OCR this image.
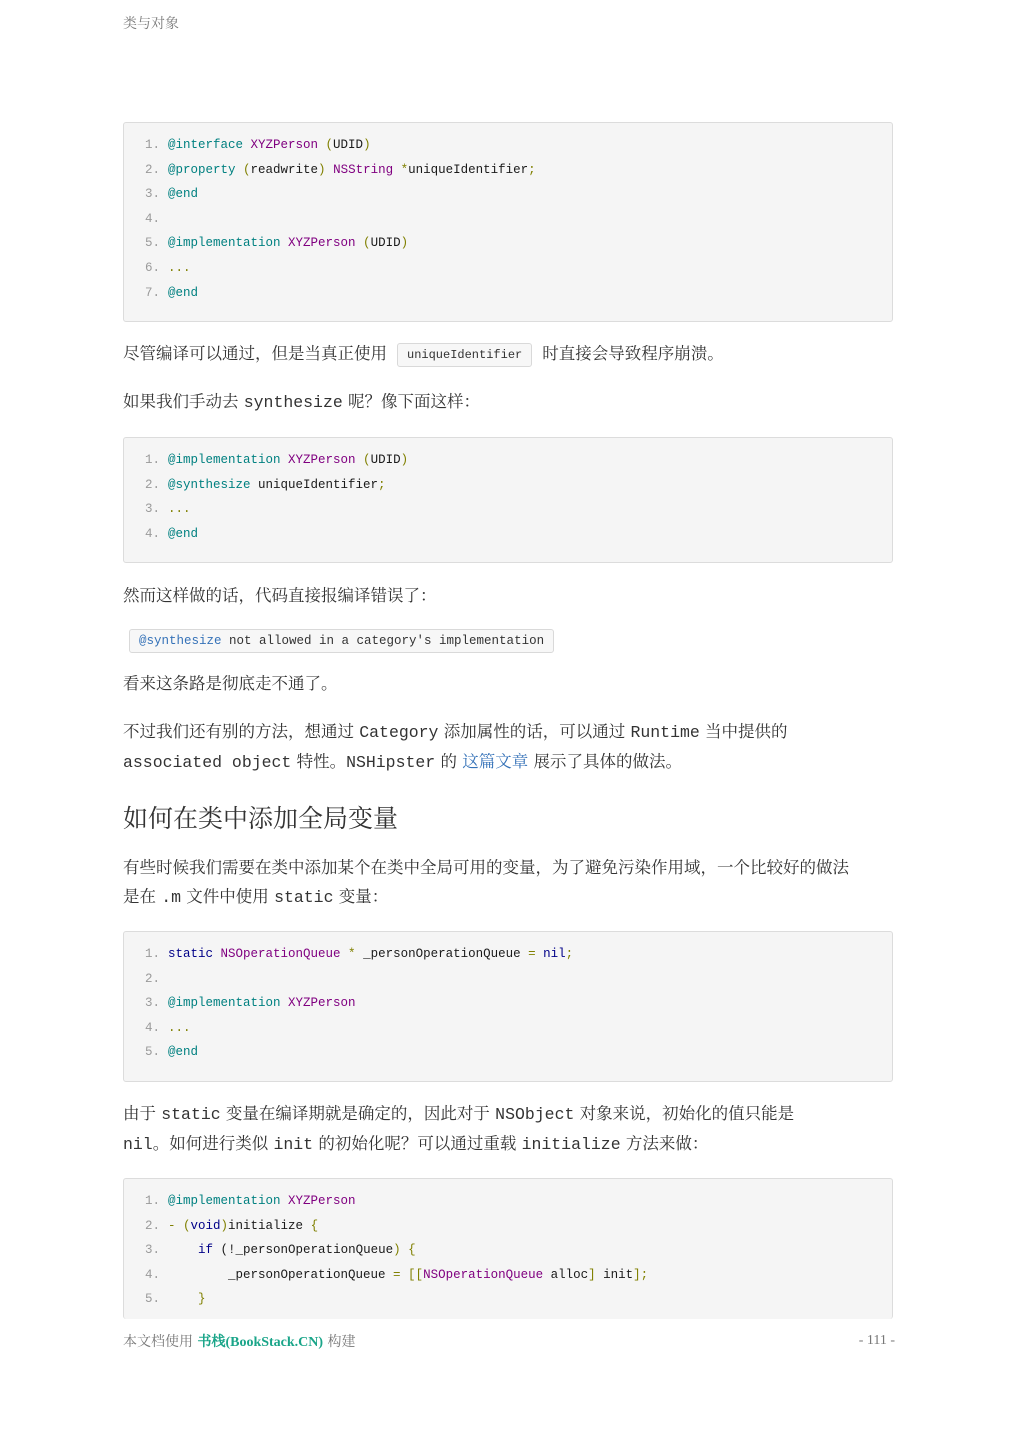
类与对象
1. @interface XYZPerson (UDID)
2. @property (readwrite) NSString *uniqueIdentifier;
3. @end
4.
5. @implementation XYZPerson (UDID)
6. ...
7. @end
尽管编译可以通过，但是当真正使用 uniqueIdentifier 时直接会导致程序崩溃。
如果我们手动去 synthesize 呢？像下面这样：
1. @implementation XYZPerson (UDID)
2. @synthesize uniqueIdentifier;
3. ...
4. @end
然而这样做的话，代码直接报编译错误了：
@synthesize not allowed in a category's implementation
看来这条路是彻底走不通了。
不过我们还有别的方法，想通过 Category 添加属性的话，可以通过 Runtime 当中提供的
associated object 特性。NSHipster 的 这篇文章 展示了具体的做法。
如何在类中添加全局变量
有些时候我们需要在类中添加某个在类中全局可用的变量，为了避免污染作用域，一个比较好的做法
是在 .m 文件中使用 static 变量：
1. static NSOperationQueue * _personOperationQueue = nil;
2.
3. @implementation XYZPerson
4. ...
5. @end
由于 static 变量在编译期就是确定的，因此对于 NSObject 对象来说，初始化的值只能是
nil。如何进行类似 init 的初始化呢？可以通过重载 initialize 方法来做：
1. @implementation XYZPerson
2. - (void)initialize {
3.	if (!_personOperationQueue) {
4. _personOperationQueue = [[NSOperationQueue alloc] init];
5.	}
本文档使用 书栈(BookStack.CN) 构建	- 111 -
